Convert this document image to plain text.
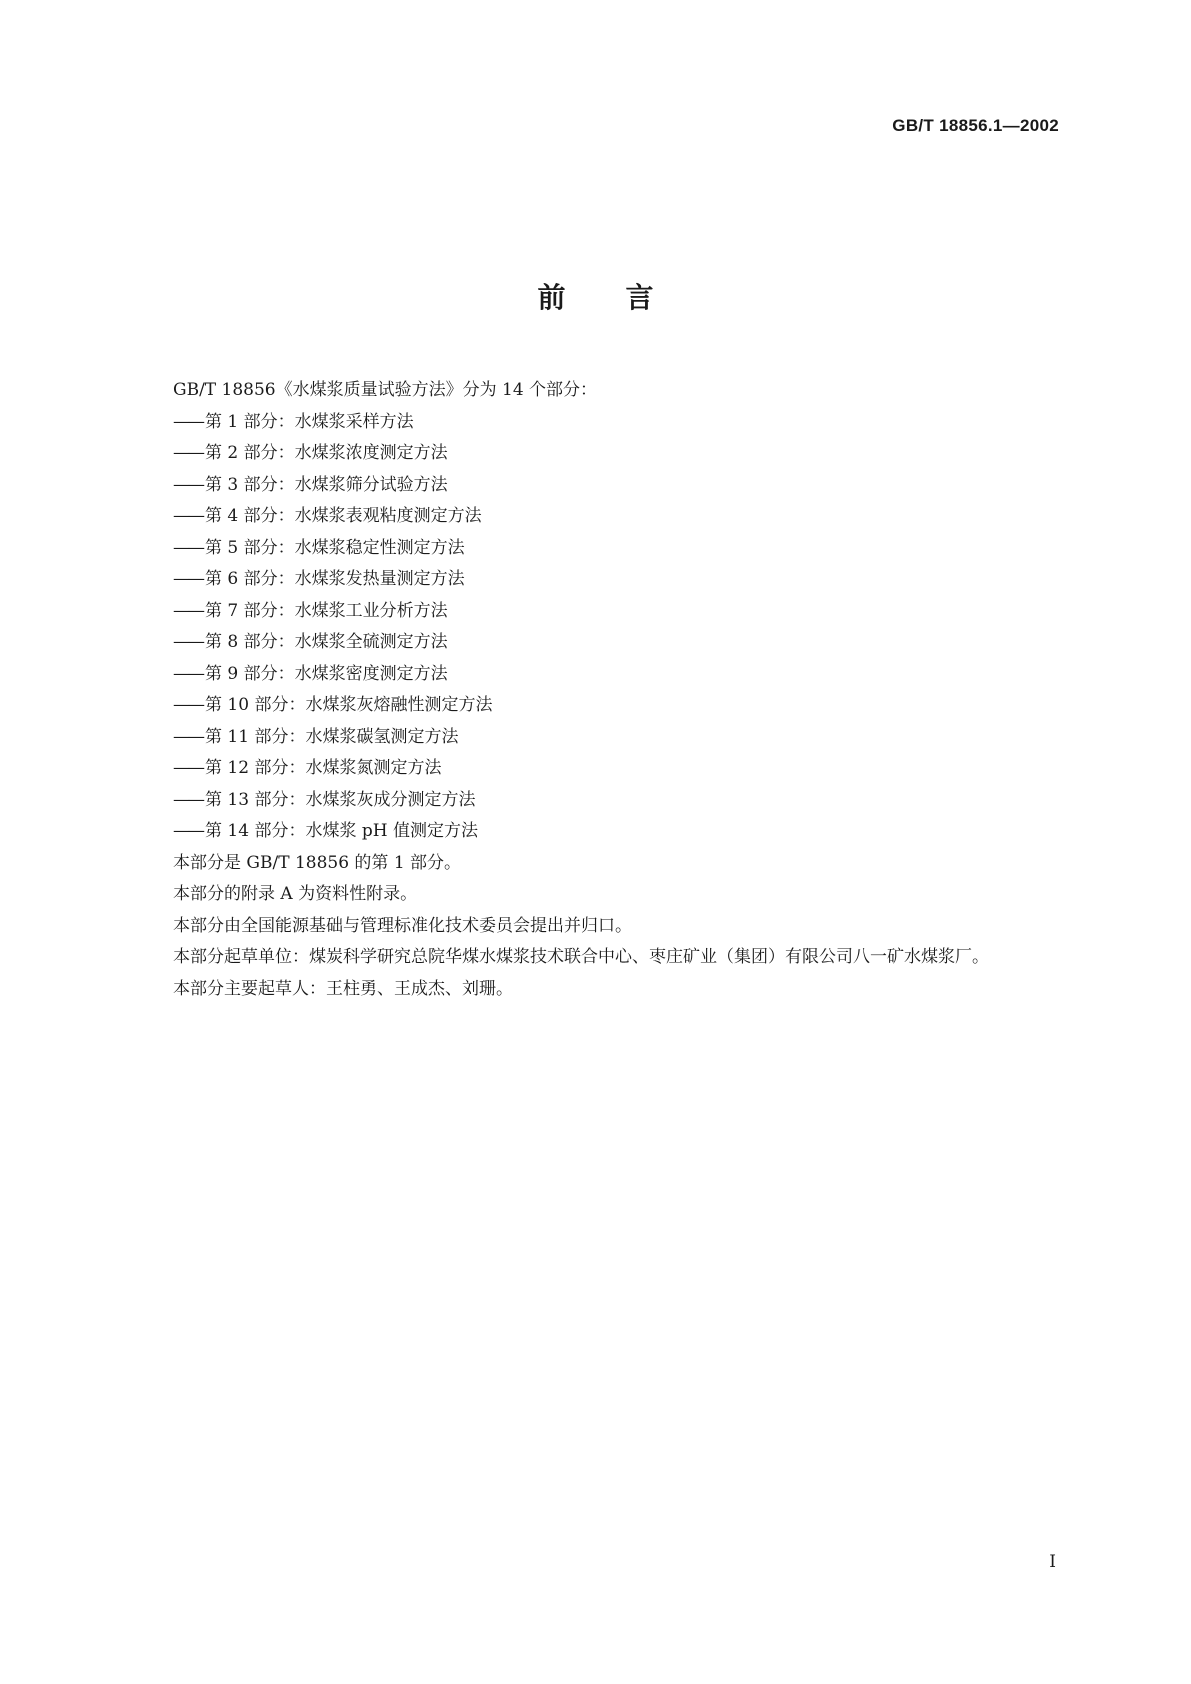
GB/T 18856.1—2002
前言

GB/T 18856《水煤浆质量试验方法》分为 14 个部分：

—— 第 1 部分：水煤浆采样方法

—— 第 2 部分：水煤浆浓度测定方法

—— 第 3 部分：水煤浆筛分试验方法

—— 第 4 部分：水煤浆表观粘度测定方法

—— 第 5 部分：水煤浆稳定性测定方法

—— 第 6 部分：水煤浆发热量测定方法

—— 第 7 部分：水煤浆工业分析方法

—— 第 8 部分：水煤浆全硫测定方法

—— 第 9 部分：水煤浆密度测定方法

—— 第 10 部分：水煤浆灰熔融性测定方法

—— 第 11 部分：水煤浆碳氢测定方法

—— 第 12 部分：水煤浆氮测定方法

—— 第 13 部分：水煤浆灰成分测定方法

—— 第 14 部分：水煤浆 pH 值测定方法

本部分是 GB/T 18856 的第 1 部分。

本部分的附录 A 为资料性附录。

本部分由全国能源基础与管理标准化技术委员会提出并归口。

本部分起草单位：煤炭科学研究总院华煤水煤浆技术联合中心、枣庄矿业（集团）有限公司八一矿水煤浆厂。

本部分主要起草人：王柱勇、王成杰、刘珊。

I
